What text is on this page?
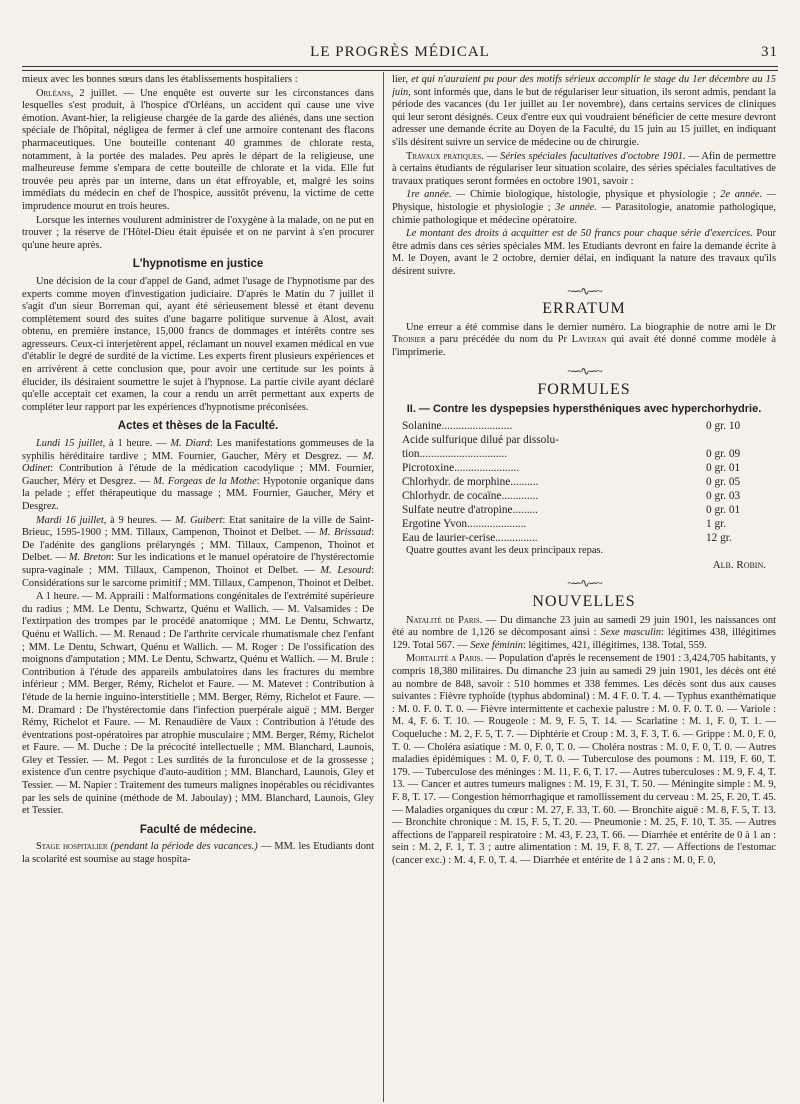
LE PROGRÈS MÉDICAL	31

mieux avec les bonnes sœurs dans les établissements hospitaliers :

Orléans, 2 juillet. — Une enquête est ouverte sur les circonstances dans lesquelles s'est produit, à l'hospice d'Orléans, un accident qui cause une vive émotion. Avant-hier, la religieuse chargée de la garde des aliénés, dans une section spéciale de l'hôpital, négligea de fermer à clef une armoire contenant des flacons pharmaceutiques. Une bouteille contenant 40 grammes de chlorate resta, notamment, à la portée des malades. Peu après le départ de la religieuse, une malheureuse femme s'empara de cette bouteille de chlorate et la vida. Elle fut trouvée peu après par un interne, dans un état effroyable, et, malgré les soins immédiats du médecin en chef de l'hospice, aussitôt prévenu, la victime de cette imprudence mourut en trois heures.

Lorsque les internes voulurent administrer de l'oxygène à la malade, on ne put en trouver ; la réserve de l'Hôtel-Dieu était épuisée et on ne parvint à s'en procurer qu'une heure après.

L'hypnotisme en justice

Une décision de la cour d'appel de Gand, admet l'usage de l'hypnotisme par des experts comme moyen d'investigation judiciaire. D'après le Matin du 7 juillet il s'agit d'un sieur Borreman qui, ayant été sérieusement blessé et étant devenu complètement sourd des suites d'une bagarre politique survenue à Alost, avait obtenu, en première instance, 15,000 francs de dommages et intérêts contre ses agresseurs. Ceux-ci interjetèrent appel, réclamant un nouvel examen médical en vue d'établir le degré de surdité de la victime. Les experts firent plusieurs expériences et en arrivèrent à cette conclusion que, pour avoir une certitude sur les points à élucider, ils désiraient soumettre le sujet à l'hypnose. La partie civile ayant déclaré qu'elle acceptait cet examen, la cour a rendu un arrêt permettant aux experts de compléter leur rapport par les expériences d'hypnotisme préconisées.

Actes et thèses de la Faculté.

Lundi 15 juillet, à 1 heure. — M. Diard: Les manifestations gommeuses de la syphilis héréditaire tardive ; MM. Fournier, Gaucher, Méry et Desgrez. — M. Odinet: Contribution à l'étude de la médication cacodylique ; MM. Fournier, Gaucher, Méry et Desgrez. — M. Forgeas de la Mothe: Hypotonie organique dans la pelade ; effet thérapeutique du massage ; MM. Fournier, Gaucher, Méry et Desgrez.

Mardi 16 juillet, à 9 heures. — M. Guibert: Etat sanitaire de la ville de Saint-Brieuc, 1595-1900 ; MM. Tillaux, Campenon, Thoinot et Delbet. — M. Brissaud: De l'adénite des ganglions prélaryngés ; MM. Tillaux, Campenon, Thoinot et Delbet. — M. Breton: Sur les indications et le manuel opératoire de l'hystérectomie supra-vaginale ; MM. Tillaux, Campenon, Thoinot et Delbet. — M. Lesourd: Considérations sur le sarcome primitif ; MM. Tillaux, Campenon, Thoinot et Delbet.

A 1 heure. — M. Appraili : Malformations congénitales de l'extrémité supérieure du radius ; MM. Le Dentu, Schwartz, Quénu et Wallich. — M. Valsamides : De l'extirpation des trompes par le procédé anatomique ; MM. Le Dentu, Schwartz, Quénu et Wallich. — M. Renaud : De l'arthrite cervicale rhumatismale chez l'enfant ; MM. Le Dentu, Schwart, Quénu et Wallich. — M. Roger : De l'ossification des moignons d'amputation ; MM. Le Dentu, Schwartz, Quénu et Wallich. — M. Brule : Contribution à l'étude des appareils ambulatoires dans les fractures du membre inférieur ; MM. Berger, Rémy, Richelot et Faure. — M. Matevet : Contribution à l'étude de la hernie inguino-interstitielle ; MM. Berger, Rémy, Richelot et Faure. — M. Dramard : De l'hystérectomie dans l'infection puerpérale aiguë ; MM. Berger Rémy, Richelot et Faure. — M. Renaudière de Vaux : Contribution à l'étude des éventrations post-opératoires par atrophie musculaire ; MM. Berger, Rémy, Richelot et Faure. — M. Duche : De la précocité intellectuelle ; MM. Blanchard, Launois, Gley et Tessier. — M. Pegot : Les surdités de la furonculose et de la grossesse ; existence d'un centre psychique d'auto-audition ; MM. Blanchard, Launois, Gley et Tessier. — M. Napier : Traitement des tumeurs malignes inopérables ou récidivantes par les sels de quinine (méthode de M. Jaboulay) ; MM. Blanchard, Launois, Gley et Tessier.

Faculté de médecine.

Stage hospitalier (pendant la période des vacances.) — MM. les Etudiants dont la scolarité est soumise au stage hospita-

lier, et qui n'auraient pu pour des motifs sérieux accomplir le stage du 1er décembre au 15 juin, sont informés que, dans le but de régulariser leur situation, ils seront admis, pendant la période des vacances (du 1er juillet au 1er novembre), dans certains services de cliniques qui leur seront désignés. Ceux d'entre eux qui voudraient bénéficier de cette mesure devront adresser une demande écrite au Doyen de la Faculté, du 15 juin au 15 juillet, en indiquant s'ils désirent suivre un service de médecine ou de chirurgie.

Travaux pratiques. — Séries spéciales facultatives d'octobre 1901. — Afin de permettre à certains étudiants de régulariser leur situation scolaire, des séries spéciales facultatives de travaux pratiques seront formées en octobre 1901, savoir :

1re année. — Chimie biologique, histologie, physique et physiologie ; 2e année. — Physique, histologie et physiologie ; 3e année. — Parasitologie, anatomie pathologique, chimie pathologique et médecine opératoire.

Le montant des droits à acquitter est de 50 francs pour chaque série d'exercices. Pour être admis dans ces séries spéciales MM. les Etudiants devront en faire la demande écrite à M. le Doyen, avant le 2 octobre, dernier délai, en indiquant la nature des travaux qu'ils désirent suivre.

~∽∿∽~
ERRATUM

Une erreur a été commise dans le dernier numéro. La biographie de notre ami le Dr Troisier a paru précédée du nom du Pr Laveran qui avait été donné comme modèle à l'imprimerie.

~∽∿∽~
FORMULES
II. — Contre les dyspepsies hypersthéniques avec hyperchorhydrie.
Solanine.........................	0 gr. 10
Acide sulfurique dilué par dissolu-
tion...............................	0 gr. 09
Picrotoxine.......................	0 gr. 01
Chlorhydr. de morphine..........	0 gr. 05
Chlorhydr. de cocaïne.............	0 gr. 03
Sulfate neutre d'atropine.........	0 gr. 01
Ergotine Yvon.....................	1 gr.
Eau de laurier-cerise...............	12 gr.

Quatre gouttes avant les deux principaux repas.

Alb. Robin.
~∽∿∽~
NOUVELLES

Natalité de Paris. — Du dimanche 23 juin au samedi 29 juin 1901, les naissances ont été au nombre de 1,126 se décomposant ainsi : Sexe masculin: légitimes 438, illégitimes 129. Total 567. — Sexe féminin: légitimes, 421, illégitimes, 138. Total, 559.

Mortalité a Paris. — Population d'après le recensement de 1901 : 3,424,705 habitants, y compris 18,380 militaires. Du dimanche 23 juin au samedi 29 juin 1901, les décès ont été au nombre de 848, savoir : 510 hommes et 338 femmes. Les décès sont dus aux causes suivantes : Fièvre typhoïde (typhus abdominal) : M. 4 F. 0. T. 4. — Typhus exanthématique : M. 0. F. 0. T. 0. — Fièvre intermittente et cachexie palustre : M. 0. F. 0. T. 0. — Variole : M. 4, F. 6. T. 10. — Rougeole : M. 9, F. 5, T. 14. — Scarlatine : M. 1, F. 0, T. 1. — Coqueluche : M. 2, F. 5, T. 7. — Diphtérie et Croup : M. 3, F. 3, T. 6. — Grippe : M. 0, F. 0, T. 0. — Choléra asiatique : M. 0, F. 0, T. 0. — Choléra nostras : M. 0, F. 0, T. 0. — Autres maladies épidémiques : M. 0, F. 0, T. 0. — Tuberculose des poumons : M. 119, F. 60, T. 179. — Tuberculose des méninges : M. 11, F. 6, T. 17. — Autres tuberculoses : M. 9, F. 4, T. 13. — Cancer et autres tumeurs malignes : M. 19, F. 31, T. 50. — Méningite simple : M. 9, F. 8, T. 17. — Congestion hémorrhagique et ramollissement du cerveau : M. 25, F. 20, T. 45. — Maladies organiques du cœur : M. 27, F. 33, T. 60. — Bronchite aiguë : M. 8, F. 5, T. 13. — Bronchite chronique : M. 15, F. 5, T. 20. — Pneumonie : M. 25, F. 10, T. 35. — Autres affections de l'appareil respiratoire : M. 43, F. 23, T. 66. — Diarrhée et entérite de 0 à 1 an : sein : M. 2, F. 1, T. 3 ; autre alimentation : M. 19, F. 8, T. 27. — Affections de l'estomac (cancer exc.) : M. 4, F. 0, T. 4. — Diarrhée et entérite de 1 à 2 ans : M. 0, F. 0,
